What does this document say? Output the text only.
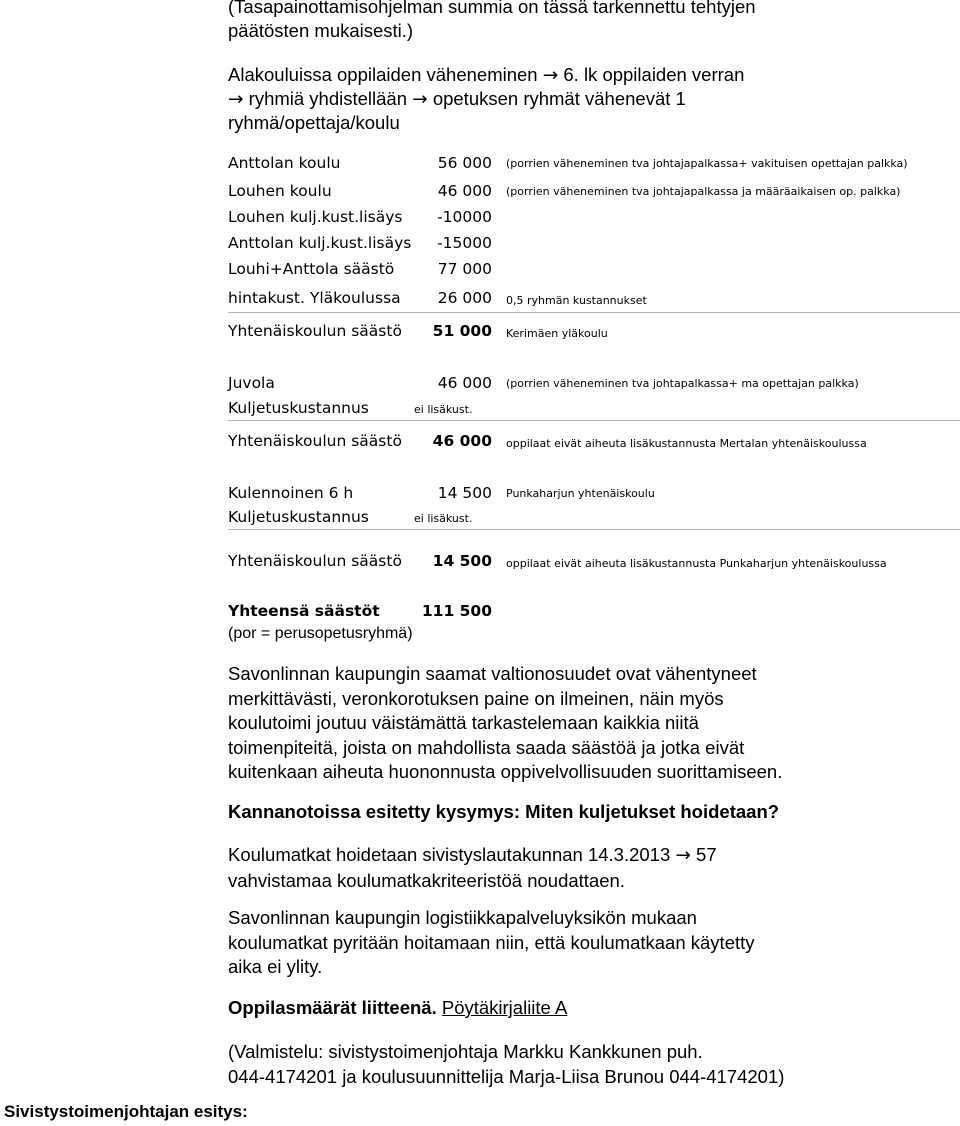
(Tasapainottamisohjelman summia on tässä tarkennettu tehtyjen
päätösten mukaisesti.)
Alakouluissa oppilaiden väheneminen → 6. lk oppilaiden verran
→ ryhmiä yhdistellään → opetuksen ryhmät vähenevät 1
ryhmä/opettaja/koulu
Anttolan koulu	56 000 (porrien väheneminen tva johtajapalkassa+ vakituisen opettajan palkka)
Louhen koulu	46 000 (porrien väheneminen tva johtajapalkassa ja määräaikaisen op. palkka)
Louhen kulj.kust.lisäys	-10000
Anttolan kulj.kust.lisäys	-15000
Louhi+Anttola säästö	77 000
hintakust. Yläkoulussa	26 000 0,5 ryhmän kustannukset
Yhtenäiskoulun säästö	51 000 Kerimäen yläkoulu
Juvola	46 000 (porrien väheneminen tva johtapalkassa+ ma opettajan palkka)
Kuljetuskustannus	ei lisäkust.
Yhtenäiskoulun säästö	46 000 oppilaat eivät aiheuta lisäkustannusta Mertalan yhtenäiskoulussa
Kulennoinen 6 h	14 500 Punkaharjun yhtenäiskoulu
Kuljetuskustannus	ei lisäkust.
Yhtenäiskoulun säästö	14 500 oppilaat eivät aiheuta lisäkustannusta Punkaharjun yhtenäiskoulussa
Yhteensä säästöt	111 500
(por = perusopetusryhmä)
Savonlinnan kaupungin saamat valtionosuudet ovat vähentyneet
merkittävästi, veronkorotuksen paine on ilmeinen, näin myös
koulutoimi joutuu väistämättä tarkastelemaan kaikkia niitä
toimenpiteitä, joista on mahdollista saada säästöä ja jotka eivät
kuitenkaan aiheuta huononnusta oppivelvollisuuden suorittamiseen.
Kannanotoissa esitetty kysymys: Miten kuljetukset hoidetaan?
Koulumatkat hoidetaan sivistyslautakunnan 14.3.2013 → 57
vahvistamaa koulumatkakriteeristöä noudattaen.
Savonlinnan kaupungin logistiikkapalveluyksikön mukaan
koulumatkat pyritään hoitamaan niin, että koulumatkaan käytetty
aika ei ylity.
Oppilasmäärät liitteenä. Pöytäkirjaliite A
(Valmistelu: sivistystoimenjohtaja Markku Kankkunen puh.
044-4174201 ja koulusuunnittelija Marja-Liisa Brunou 044-4174201)
Sivistystoimenjohtajan esitys:
